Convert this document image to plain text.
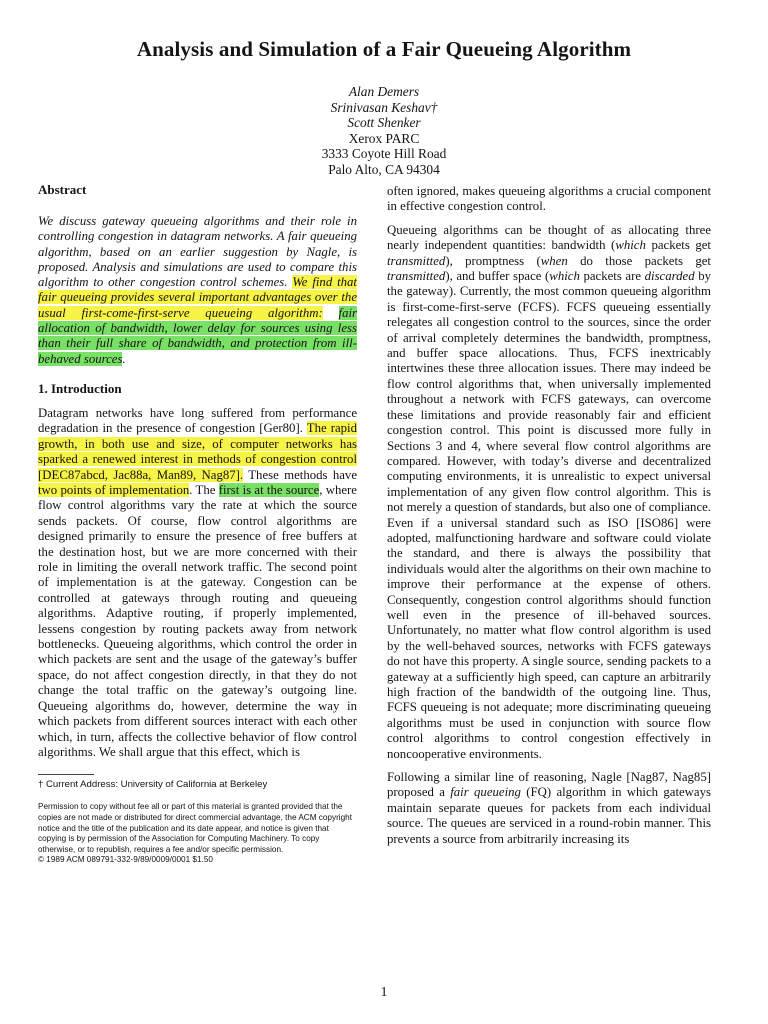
Analysis and Simulation of a Fair Queueing Algorithm
Alan Demers
Srinivasan Keshav†
Scott Shenker
Xerox PARC
3333 Coyote Hill Road
Palo Alto, CA 94304
Abstract

We discuss gateway queueing algorithms and their role in controlling congestion in datagram networks. A fair queueing algorithm, based on an earlier suggestion by Nagle, is proposed. Analysis and simulations are used to compare this algorithm to other congestion control schemes. We find that fair queueing provides several important advantages over the usual first-come-first-serve queueing algorithm: fair allocation of bandwidth, lower delay for sources using less than their full share of bandwidth, and protection from ill-behaved sources.

1. Introduction

Datagram networks have long suffered from performance degradation in the presence of congestion [Ger80]. The rapid growth, in both use and size, of computer networks has sparked a renewed interest in methods of congestion control [DEC87abcd, Jac88a, Man89, Nag87]. These methods have two points of implementation. The first is at the source, where flow control algorithms vary the rate at which the source sends packets. Of course, flow control algorithms are designed primarily to ensure the presence of free buffers at the destination host, but we are more concerned with their role in limiting the overall network traffic. The second point of implementation is at the gateway. Congestion can be controlled at gateways through routing and queueing algorithms. Adaptive routing, if properly implemented, lessens congestion by routing packets away from network bottlenecks. Queueing algorithms, which control the order in which packets are sent and the usage of the gateway’s buffer space, do not affect congestion directly, in that they do not change the total traffic on the gateway’s outgoing line. Queueing algorithms do, however, determine the way in which packets from different sources interact with each other which, in turn, affects the collective behavior of flow control algorithms. We shall argue that this effect, which is

† Current Address: University of California at Berkeley
Permission to copy without fee all or part of this material is granted provided that the copies are not made or distributed for direct commercial advantage, the ACM copyright notice and the title of the publication and its date appear, and notice is given that copying is by permission of the Association for Computing Machinery. To copy otherwise, or to republish, requires a fee and/or specific permission.
© 1989 ACM 089791-332-9/89/0009/0001 $1.50

often ignored, makes queueing algorithms a crucial component in effective congestion control.

Queueing algorithms can be thought of as allocating three nearly independent quantities: bandwidth (which packets get transmitted), promptness (when do those packets get transmitted), and buffer space (which packets are discarded by the gateway). Currently, the most common queueing algorithm is first-come-first-serve (FCFS). FCFS queueing essentially relegates all congestion control to the sources, since the order of arrival completely determines the bandwidth, promptness, and buffer space allocations. Thus, FCFS inextricably intertwines these three allocation issues. There may indeed be flow control algorithms that, when universally implemented throughout a network with FCFS gateways, can overcome these limitations and provide reasonably fair and efficient congestion control. This point is discussed more fully in Sections 3 and 4, where several flow control algorithms are compared. However, with today’s diverse and decentralized computing environments, it is unrealistic to expect universal implementation of any given flow control algorithm. This is not merely a question of standards, but also one of compliance. Even if a universal standard such as ISO [ISO86] were adopted, malfunctioning hardware and software could violate the standard, and there is always the possibility that individuals would alter the algorithms on their own machine to improve their performance at the expense of others. Consequently, congestion control algorithms should function well even in the presence of ill-behaved sources. Unfortunately, no matter what flow control algorithm is used by the well-behaved sources, networks with FCFS gateways do not have this property. A single source, sending packets to a gateway at a sufficiently high speed, can capture an arbitrarily high fraction of the bandwidth of the outgoing line. Thus, FCFS queueing is not adequate; more discriminating queueing algorithms must be used in conjunction with source flow control algorithms to control congestion effectively in noncooperative environments.

Following a similar line of reasoning, Nagle [Nag87, Nag85] proposed a fair queueing (FQ) algorithm in which gateways maintain separate queues for packets from each individual source. The queues are serviced in a round-robin manner. This prevents a source from arbitrarily increasing its

1
